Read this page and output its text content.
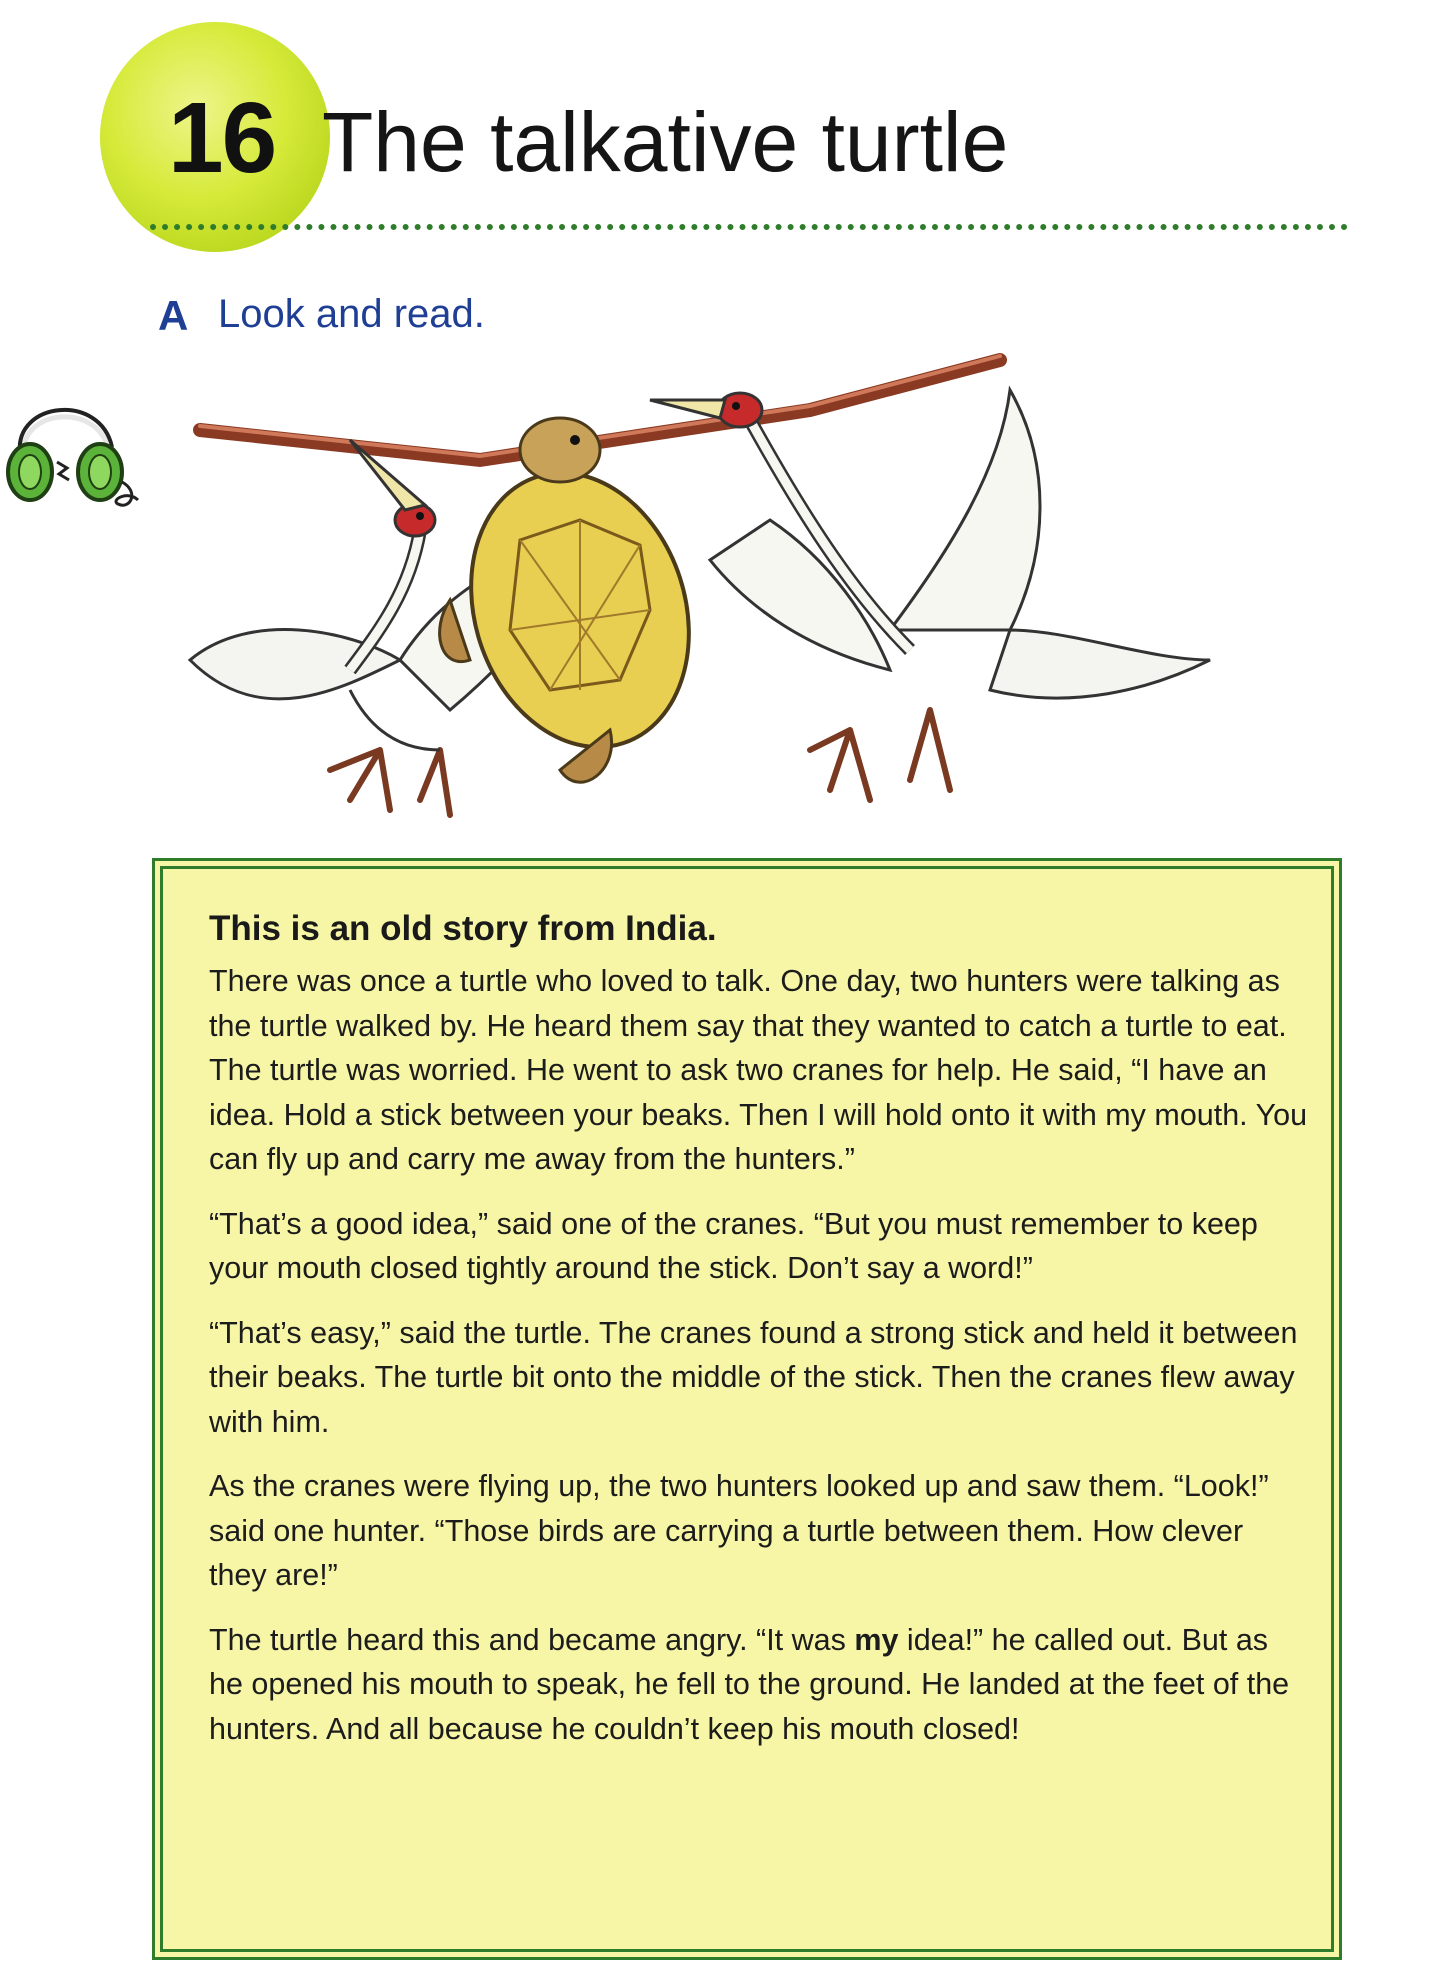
16 The talkative turtle
A Look and read.
This is an old story from India.

There was once a turtle who loved to talk. One day, two hunters were talking as the turtle walked by. He heard them say that they wanted to catch a turtle to eat. The turtle was worried. He went to ask two cranes for help. He said, “I have an idea. Hold a stick between your beaks. Then I will hold onto it with my mouth. You can fly up and carry me away from the hunters.”

“That’s a good idea,” said one of the cranes. “But you must remember to keep your mouth closed tightly around the stick. Don’t say a word!”

“That’s easy,” said the turtle. The cranes found a strong stick and held it between their beaks. The turtle bit onto the middle of the stick. Then the cranes flew away with him.

As the cranes were flying up, the two hunters looked up and saw them. “Look!” said one hunter. “Those birds are carrying a turtle between them. How clever they are!”

The turtle heard this and became angry. “It was my idea!” he called out. But as he opened his mouth to speak, he fell to the ground. He landed at the feet of the hunters. And all because he couldn’t keep his mouth closed!
